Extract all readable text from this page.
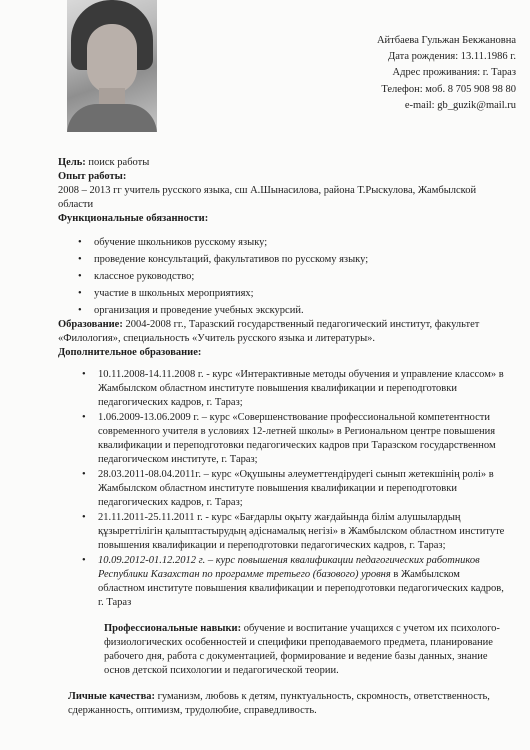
Айтбаева Гульжан Бекжановна
Дата рождения: 13.11.1986 г.
Адрес проживания: г. Тараз
Телефон: моб. 8 705 908 98 80
e-mail: gb_guzik@mail.ru
Цель: поиск работы
Опыт работы:
2008 – 2013 гг учитель русского языка, сш А.Шынасилова, района Т.Рыскулова, Жамбылской области
Функциональные обязанности:
• обучение школьников русскому языку;
• проведение консультаций, факультативов по русскому языку;
• классное руководство;
• участие в школьных мероприятиях;
• организация и проведение учебных экскурсий.
Образование: 2004-2008 гг., Таразский государственный педагогический институт, факультет «Филология», специальность «Учитель русского языка и литературы».
Дополнительное образование:
• 10.11.2008-14.11.2008 г. - курс «Интерактивные методы обучения и управление классом» в Жамбылском областном институте повышения квалификации и переподготовки педагогических кадров, г. Тараз;
• 1.06.2009-13.06.2009 г. – курс «Совершенствование профессиональной компетентности современного учителя в условиях 12-летней школы» в Региональном центре повышения квалификации и переподготовки педагогических кадров при Таразском государственном педагогическом институте, г. Тараз;
• 28.03.2011-08.04.2011г. – курс «Оқушыны әлеуметтендірудегі сынып жетекшінің ролі» в Жамбылском областном институте повышения квалификации и переподготовки педагогических кадров, г. Тараз;
• 21.11.2011-25.11.2011 г. - курс «Бағдарлы оқыту жағдайында білім алушылардың құзыреттілігін қалыптастырудың әдіснамалық негізі» в Жамбылском областном институте повышения квалификации и переподготовки педагогических кадров, г. Тараз;
• 10.09.2012-01.12.2012 г. – курс повышения квалификации педагогических работников Республики Казахстан по программе третьего (базового) уровня в Жамбылском областном институте повышения квалификации и переподготовки педагогических кадров, г. Тараз
Профессиональные навыки: обучение и воспитание учащихся с учетом их психолого-физиологических особенностей и специфики преподаваемого предмета, планирование рабочего дня, работа с документацией, формирование и ведение базы данных, знание основ детской психологии и педагогической теории.
Личные качества: гуманизм, любовь к детям, пунктуальность, скромность, ответственность, сдержанность, оптимизм, трудолюбие, справедливость.
